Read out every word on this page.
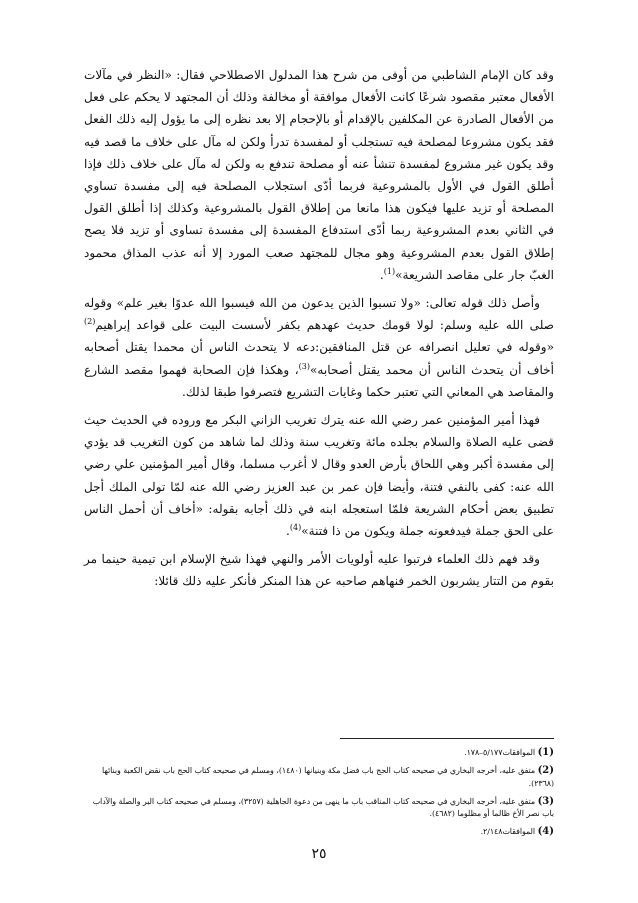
وقد كان الإمام الشاطبي من أوفى من شرح هذا المدلول الاصطلاحي فقال: «النظر في مآلات الأفعال معتبر مقصود شرعًا كانت الأفعال موافقة أو مخالفة وذلك أن المجتهد لا يحكم على فعل من الأفعال الصادرة عن المكلفين بالإقدام أو بالإحجام إلا بعد نظره إلى ما يؤول إليه ذلك الفعل فقد يكون مشروعا لمصلحة فيه تستجلب أو لمفسدة تدرأ ولكن له مآل على خلاف ما قصد فيه وقد يكون غير مشروع لمفسدة تنشأ عنه أو مصلحة تندفع به ولكن له مآل على خلاف ذلك فإذا أطلق القول في الأول بالمشروعية فربما أدّى استجلاب المصلحة فيه إلى مفسدة تساوي المصلحة أو تزيد عليها فيكون هذا مانعا من إطلاق القول بالمشروعية وكذلك إذا أطلق القول في الثاني بعدم المشروعية ربما أدّى استدفاع المفسدة إلى مفسدة تساوى أو تزيد فلا يصح إطلاق القول بعدم المشروعية وهو مجال للمجتهد صعب المورد إلا أنه عذب المذاق محمود الغبّ جار على مقاصد الشريعة»$^{(1)}$.

وأصل ذلك قوله تعالى: «ولا تسبوا الذين يدعون من الله فيسبوا الله عدوًا بغير علم» وقوله صلى الله عليه وسلم: لولا قومك حديث عهدهم بكفر لأسست البيت على قواعد إبراهيم$^{(2)}$ «وقوله في تعليل انصرافه عن قتل المنافقين:دعه لا يتحدث الناس أن محمدا يقتل أصحابه أخاف أن يتحدث الناس أن محمد يقتل أصحابه»$^{(3)}$، وهكذا فإن الصحابة فهموا مقصد الشارع والمقاصد هي المعاني التي تعتبر حكما وغايات التشريع فتصرفوا طبقا لذلك.

فهذا أمير المؤمنين عمر رضي الله عنه يترك تغريب الزاني البكر مع وروده في الحديث حيث قضى عليه الصلاة والسلام بجلده مائة وتغريب سنة وذلك لما شاهد من كون التغريب قد يؤدي إلى مفسدة أكبر وهي اللحاق بأرض العدو وقال لا أغرب مسلما، وقال أمير المؤمنين علي رضي الله عنه: كفى بالنفي فتنة، وأيضا فإن عمر بن عبد العزيز رضي الله عنه لمّا تولى الملك أجل تطبيق بعض أحكام الشريعة فلمّا استعجله ابنه في ذلك أجابه بقوله: «أخاف أن أحمل الناس على الحق جملة فيدفعونه جملة ويكون من ذا فتنة»$^{(4)}$.

وقد فهم ذلك العلماء فرتبوا عليه أولويات الأمر والنهي فهذا شيخ الإسلام ابن تيمية حينما مر بقوم من التتار يشربون الخمر فنهاهم صاحبه عن هذا المنكر فأنكر عليه ذلك قائلا:

(1) الموافقات٥/١٧٧–١٧٨.

(2) متفق عليه، أخرجه البخاري في صحيحه كتاب الحج باب فضل مكة وبنيانها (١٤٨٠)، ومسلم في صحيحه كتاب الحج باب نقض الكعبة وبنائها (٢٣٦٨).

(3) متفق عليه، أخرجه البخاري في صحيحه كتاب المناقب باب ما ينهى من دعوة الجاهلية (٣٢٥٧)، ومسلم في صحيحه كتاب البر والصلة والآداب باب نصر الأخ ظالما أو مظلوما (٤٦٨٢).

(4) الموافقات٢/١٤٨.

٢٥
